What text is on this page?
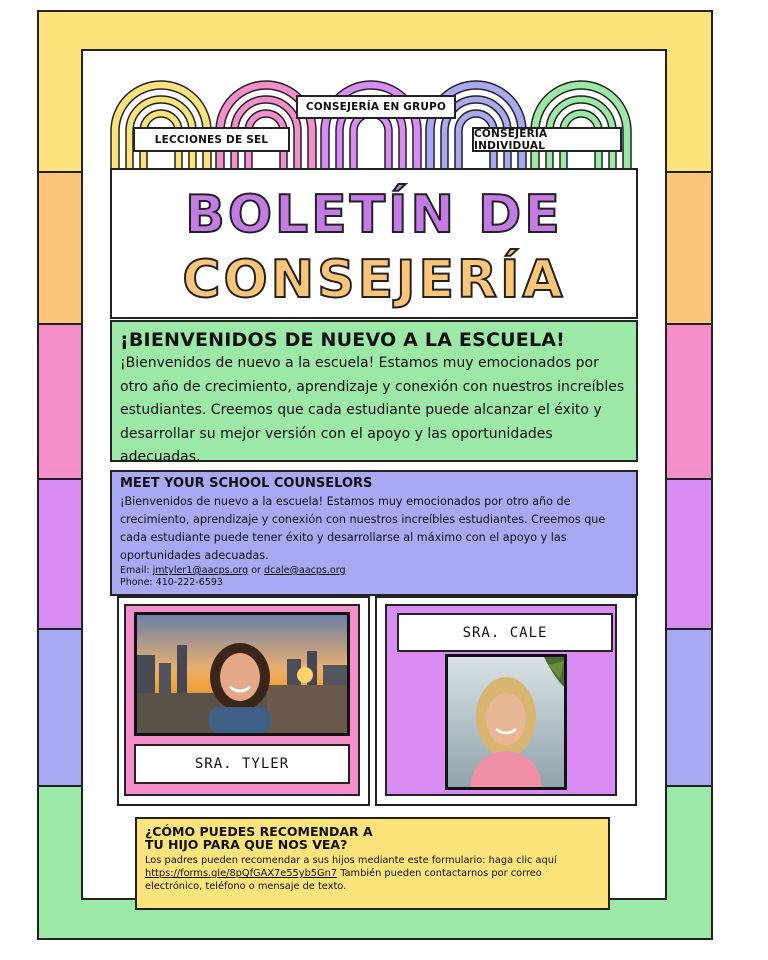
CONSEJERÍA EN GRUPO
LECCIONES DE SEL	CONSEJERÍA INDIVIDUAL
BOLETÍN DE
CONSEJERÍA
¡BIENVENIDOS DE NUEVO A LA ESCUELA!

¡Bienvenidos de nuevo a la escuela! Estamos muy emocionados por otro año de crecimiento, aprendizaje y conexión con nuestros increíbles estudiantes. Creemos que cada estudiante puede alcanzar el éxito y desarrollar su mejor versión con el apoyo y las oportunidades adecuadas.

MEET YOUR SCHOOL COUNSELORS

¡Bienvenidos de nuevo a la escuela! Estamos muy emocionados por otro año de crecimiento, aprendizaje y conexión con nuestros increíbles estudiantes. Creemos que cada estudiante puede tener éxito y desarrollarse al máximo con el apoyo y las oportunidades adecuadas.

Email: jmtyler1@aacps.org or dcale@aacps.org
Phone: 410-222-6593
SRA. TYLER
SRA. CALE
¿CÓMO PUEDES RECOMENDAR A
TU HIJO PARA QUE NOS VEA?

Los padres pueden recomendar a sus hijos mediante este formulario: haga clic aquí https://forms.gle/8pQfGAX7e55yb5Gn7 También pueden contactarnos por correo electrónico, teléfono o mensaje de texto.
